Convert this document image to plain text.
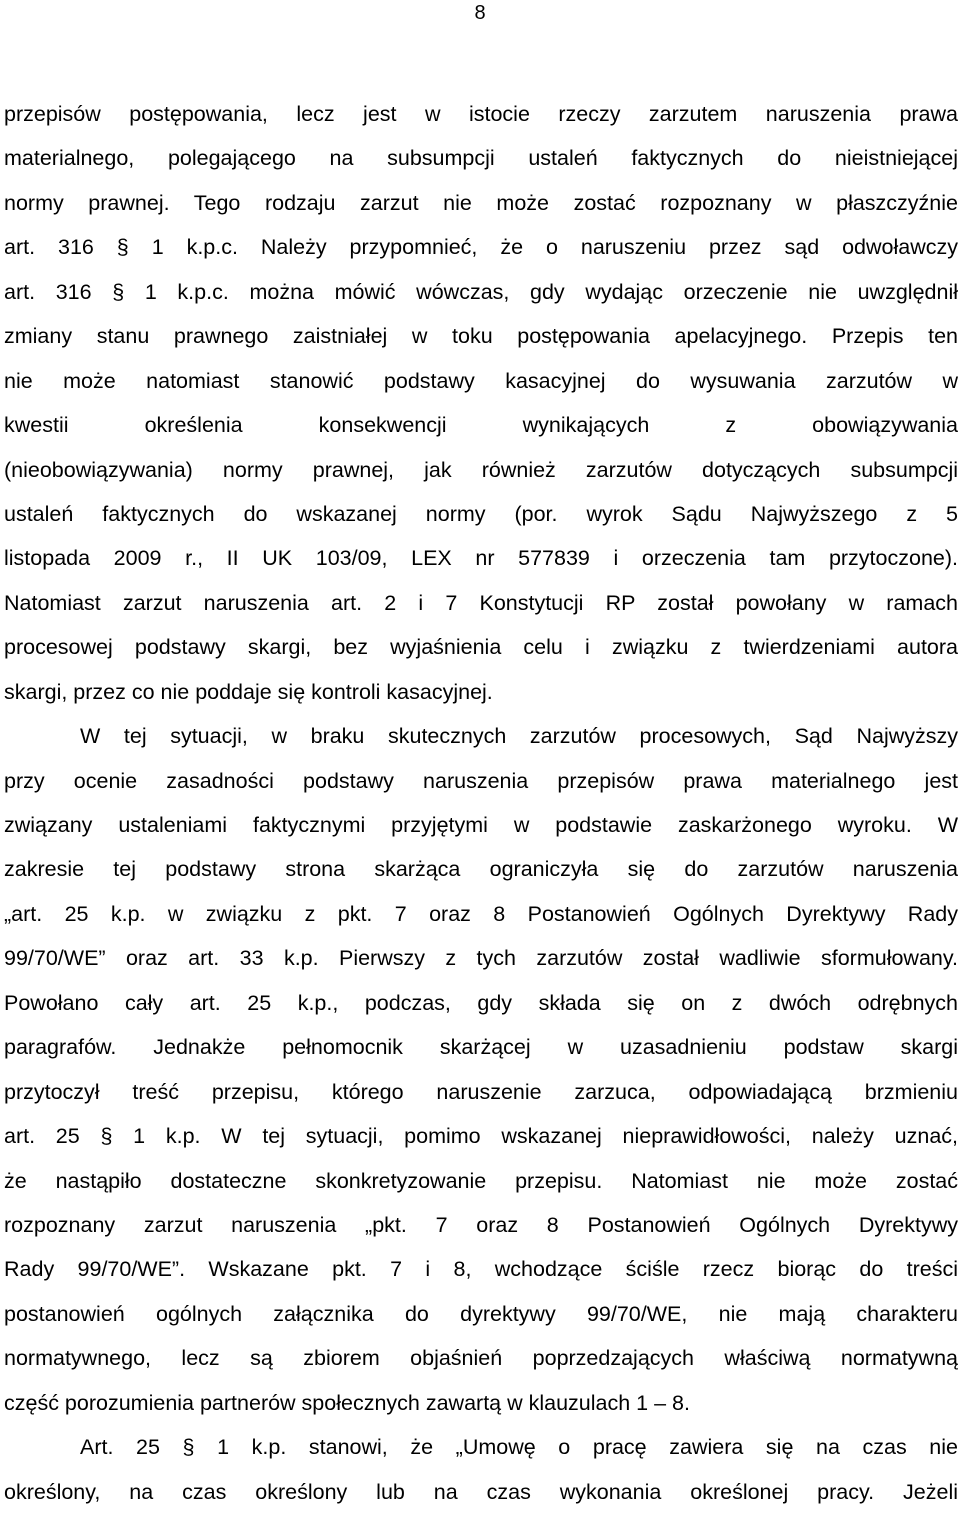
8
przepisów postępowania, lecz jest w istocie rzeczy zarzutem naruszenia prawa
materialnego, polegającego na subsumpcji ustaleń faktycznych do nieistniejącej
normy prawnej. Tego rodzaju zarzut nie może zostać rozpoznany w płaszczyźnie
art. 316 § 1 k.p.c. Należy przypomnieć, że o naruszeniu przez sąd odwoławczy
art. 316 § 1 k.p.c. można mówić wówczas, gdy wydając orzeczenie nie uwzględnił
zmiany stanu prawnego zaistniałej w toku postępowania apelacyjnego. Przepis ten
nie może natomiast stanowić podstawy kasacyjnej do wysuwania zarzutów w
kwestii określenia konsekwencji wynikających z obowiązywania
(nieobowiązywania) normy prawnej, jak również zarzutów dotyczących subsumpcji
ustaleń faktycznych do wskazanej normy (por. wyrok Sądu Najwyższego z 5
listopada 2009 r., II UK 103/09, LEX nr 577839 i orzeczenia tam przytoczone).
Natomiast zarzut naruszenia art. 2 i 7 Konstytucji RP został powołany w ramach
procesowej podstawy skargi, bez wyjaśnienia celu i związku z twierdzeniami autora
skargi, przez co nie poddaje się kontroli kasacyjnej.
W tej sytuacji, w braku skutecznych zarzutów procesowych, Sąd Najwyższy
przy ocenie zasadności podstawy naruszenia przepisów prawa materialnego jest
związany ustaleniami faktycznymi przyjętymi w podstawie zaskarżonego wyroku. W
zakresie tej podstawy strona skarżąca ograniczyła się do zarzutów naruszenia
„art. 25 k.p. w związku z pkt. 7 oraz 8 Postanowień Ogólnych Dyrektywy Rady
99/70/WE” oraz art. 33 k.p. Pierwszy z tych zarzutów został wadliwie sformułowany.
Powołano cały art. 25 k.p., podczas, gdy składa się on z dwóch odrębnych
paragrafów. Jednakże pełnomocnik skarżącej w uzasadnieniu podstaw skargi
przytoczył treść przepisu, którego naruszenie zarzuca, odpowiadającą brzmieniu
art. 25 § 1 k.p. W tej sytuacji, pomimo wskazanej nieprawidłowości, należy uznać,
że nastąpiło dostateczne skonkretyzowanie przepisu. Natomiast nie może zostać
rozpoznany zarzut naruszenia „pkt. 7 oraz 8 Postanowień Ogólnych Dyrektywy
Rady 99/70/WE”. Wskazane pkt. 7 i 8, wchodzące ściśle rzecz biorąc do treści
postanowień ogólnych załącznika do dyrektywy 99/70/WE, nie mają charakteru
normatywnego, lecz są zbiorem objaśnień poprzedzających właściwą normatywną
część porozumienia partnerów społecznych zawartą w klauzulach 1 – 8.
Art. 25 § 1 k.p. stanowi, że „Umowę o pracę zawiera się na czas nie
określony, na czas określony lub na czas wykonania określonej pracy. Jeżeli
